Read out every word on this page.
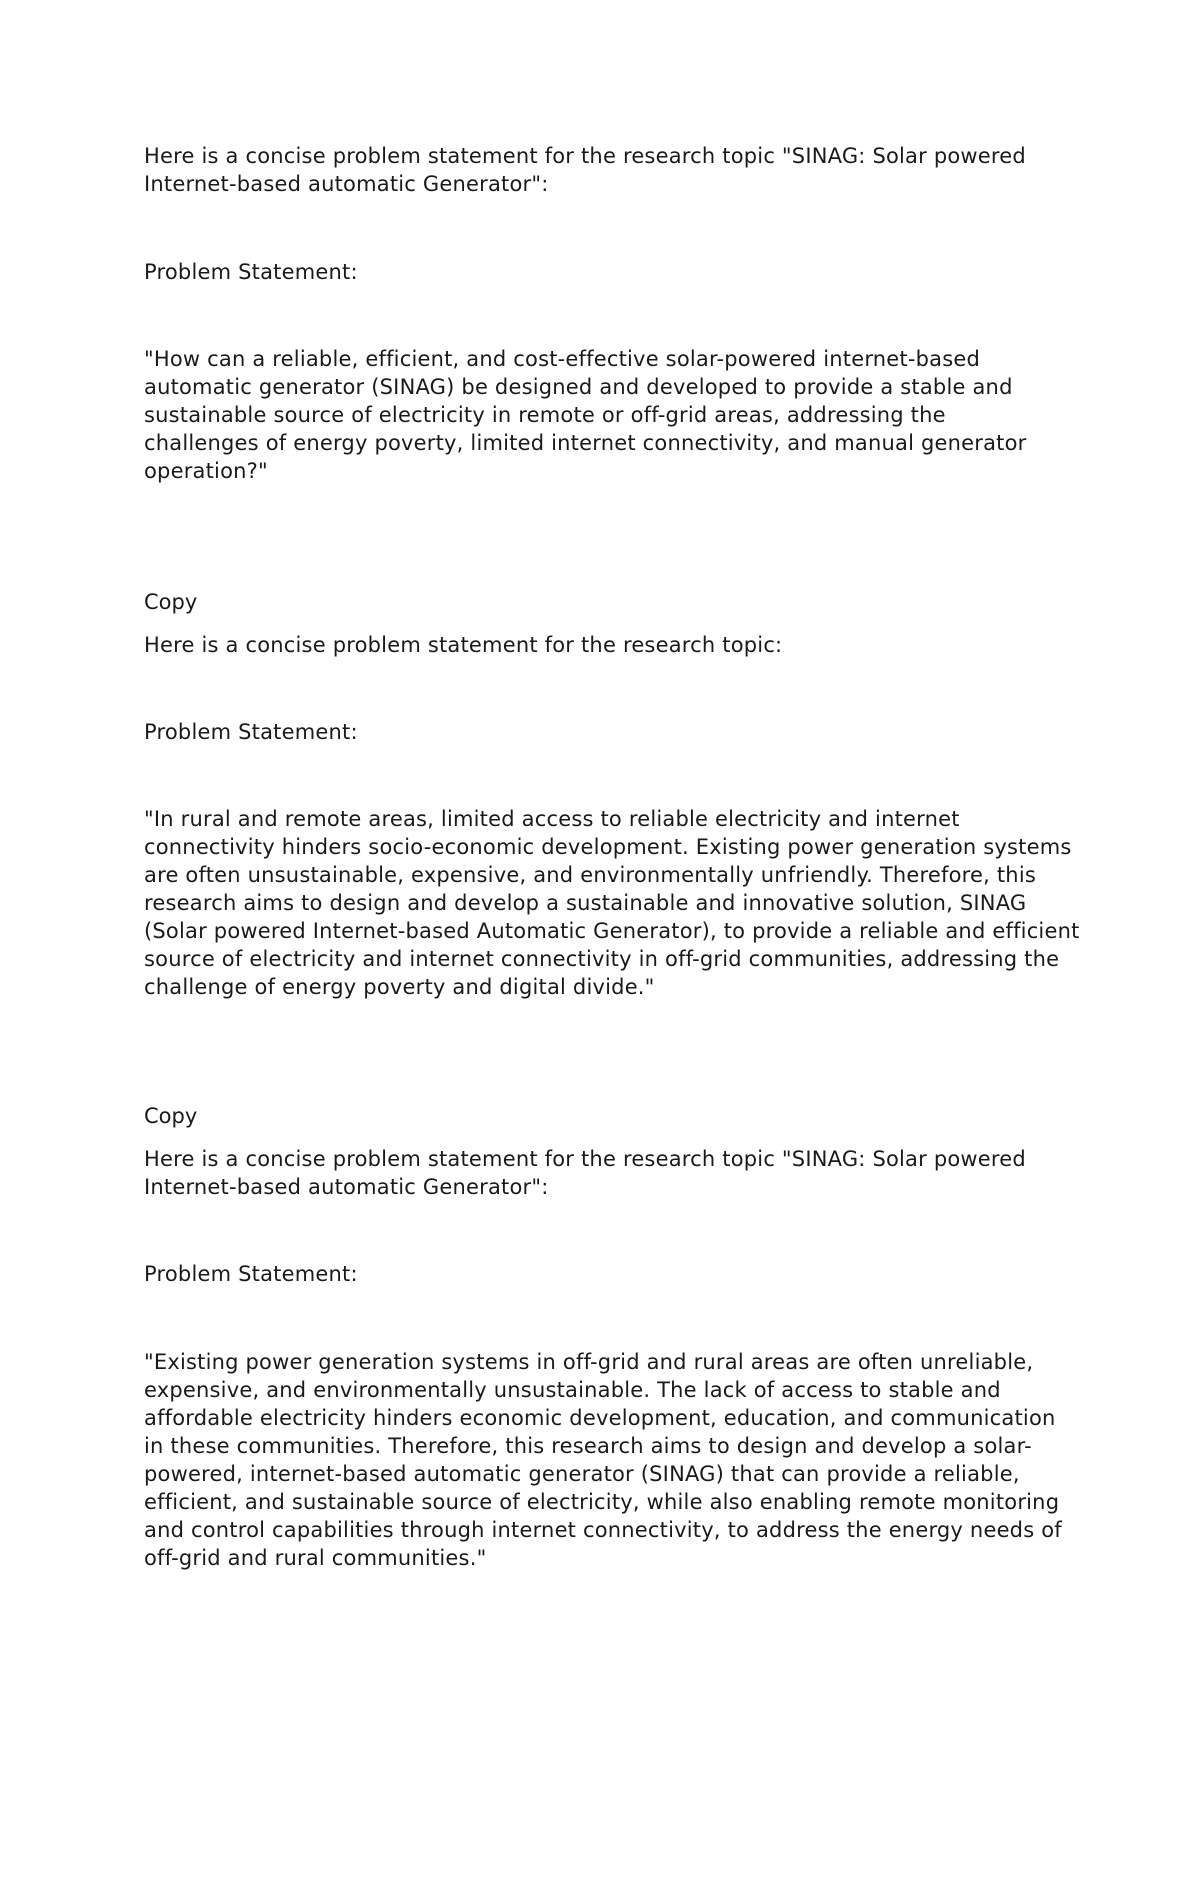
Here is a concise problem statement for the research topic "SINAG: Solar powered Internet-based automatic Generator":

Problem Statement:

"How can a reliable, efficient, and cost-effective solar-powered internet-based automatic generator (SINAG) be designed and developed to provide a stable and sustainable source of electricity in remote or off-grid areas, addressing the challenges of energy poverty, limited internet connectivity, and manual generator operation?"

Copy

Here is a concise problem statement for the research topic:

Problem Statement:

"In rural and remote areas, limited access to reliable electricity and internet connectivity hinders socio-economic development. Existing power generation systems are often unsustainable, expensive, and environmentally unfriendly. Therefore, this research aims to design and develop a sustainable and innovative solution, SINAG (Solar powered Internet-based Automatic Generator), to provide a reliable and efficient source of electricity and internet connectivity in off-grid communities, addressing the challenge of energy poverty and digital divide."

Copy

Here is a concise problem statement for the research topic "SINAG: Solar powered Internet-based automatic Generator":

Problem Statement:

"Existing power generation systems in off-grid and rural areas are often unreliable, expensive, and environmentally unsustainable. The lack of access to stable and affordable electricity hinders economic development, education, and communication in these communities. Therefore, this research aims to design and develop a solar-powered, internet-based automatic generator (SINAG) that can provide a reliable, efficient, and sustainable source of electricity, while also enabling remote monitoring and control capabilities through internet connectivity, to address the energy needs of off-grid and rural communities."
